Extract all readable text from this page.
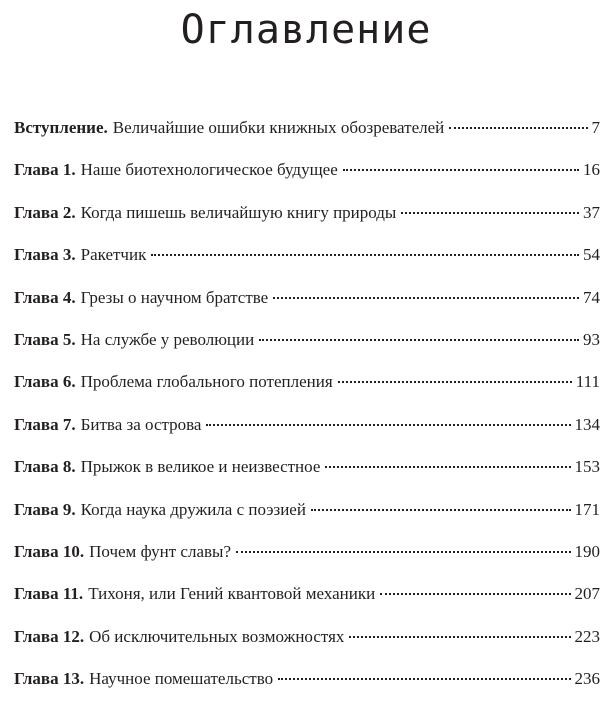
Оглавление
Вступление. Величайшие ошибки книжных обозревателей	7
Глава 1. Наше биотехнологическое будущее	16
Глава 2. Когда пишешь величайшую книгу природы	37
Глава 3. Ракетчик	54
Глава 4. Грезы о научном братстве	74
Глава 5. На службе у революции	93
Глава 6. Проблема глобального потепления	111
Глава 7. Битва за острова	134
Глава 8. Прыжок в великое и неизвестное	153
Глава 9. Когда наука дружила с поэзией	171
Глава 10. Почем фунт славы?	190
Глава 11. Тихоня, или Гений квантовой механики	207
Глава 12. Об исключительных возможностях	223
Глава 13. Научное помешательство	236
